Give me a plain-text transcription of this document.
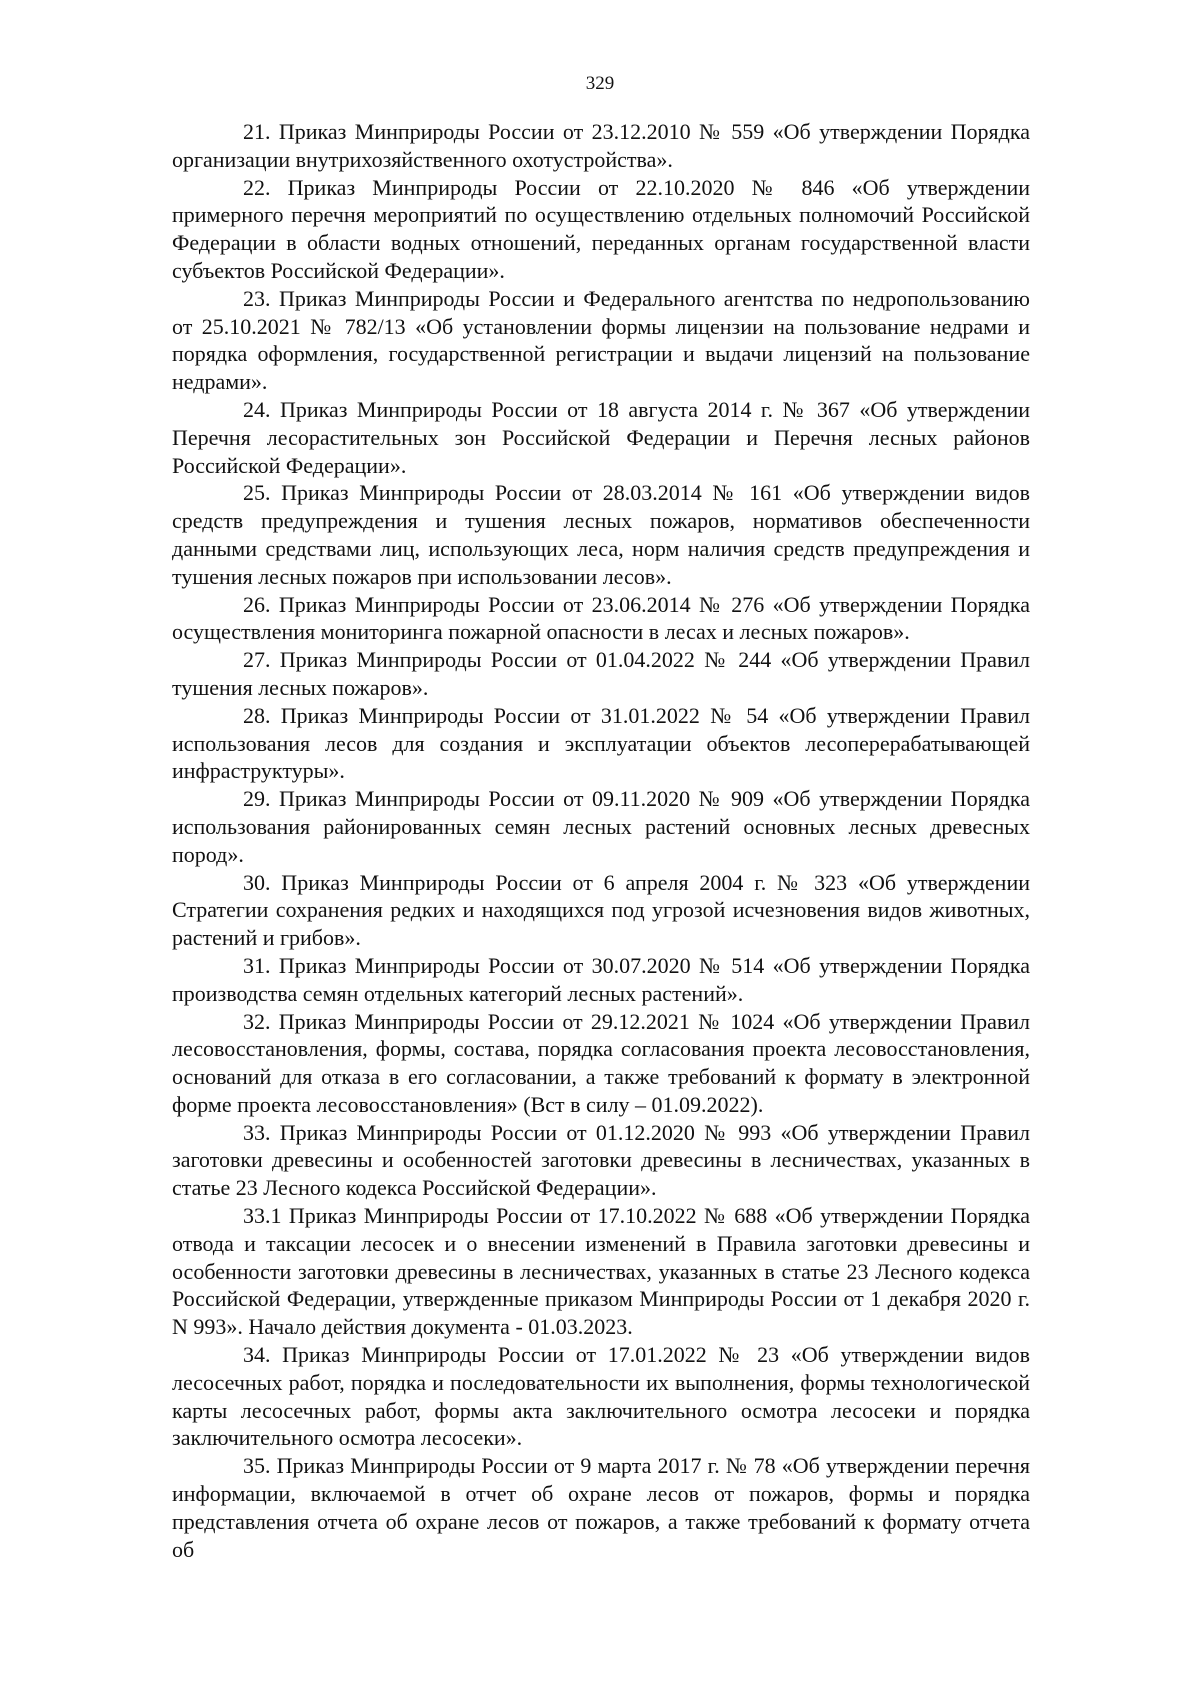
329

21. Приказ Минприроды России от 23.12.2010 № 559 «Об утверждении Порядка организации внутрихозяйственного охотустройства».

22. Приказ Минприроды России от 22.10.2020 № 846 «Об утверждении примерного перечня мероприятий по осуществлению отдельных полномочий Российской Федерации в области водных отношений, переданных органам государственной власти субъектов Российской Федерации».

23. Приказ Минприроды России и Федерального агентства по недропользованию от 25.10.2021 № 782/13 «Об установлении формы лицензии на пользование недрами и порядка оформления, государственной регистрации и выдачи лицензий на пользование недрами».

24. Приказ Минприроды России от 18 августа 2014 г. № 367 «Об утверждении Перечня лесорастительных зон Российской Федерации и Перечня лесных районов Российской Федерации».

25. Приказ Минприроды России от 28.03.2014 № 161 «Об утверждении видов средств предупреждения и тушения лесных пожаров, нормативов обеспеченности данными средствами лиц, использующих леса, норм наличия средств предупреждения и тушения лесных пожаров при использовании лесов».

26. Приказ Минприроды России от 23.06.2014 № 276 «Об утверждении Порядка осуществления мониторинга пожарной опасности в лесах и лесных пожаров».

27. Приказ Минприроды России от 01.04.2022 № 244 «Об утверждении Правил тушения лесных пожаров».

28. Приказ Минприроды России от 31.01.2022 № 54 «Об утверждении Правил использования лесов для создания и эксплуатации объектов лесоперерабатывающей инфраструктуры».

29. Приказ Минприроды России от 09.11.2020 № 909 «Об утверждении Порядка использования районированных семян лесных растений основных лесных древесных пород».

30. Приказ Минприроды России от 6 апреля 2004 г. № 323 «Об утверждении Стратегии сохранения редких и находящихся под угрозой исчезновения видов животных, растений и грибов».

31. Приказ Минприроды России от 30.07.2020 № 514 «Об утверждении Порядка производства семян отдельных категорий лесных растений».

32. Приказ Минприроды России от 29.12.2021 № 1024 «Об утверждении Правил лесовосстановления, формы, состава, порядка согласования проекта лесовосстановления, оснований для отказа в его согласовании, а также требований к формату в электронной форме проекта лесовосстановления» (Вст в силу – 01.09.2022).

33. Приказ Минприроды России от 01.12.2020 № 993 «Об утверждении Правил заготовки древесины и особенностей заготовки древесины в лесничествах, указанных в статье 23 Лесного кодекса Российской Федерации».

33.1 Приказ Минприроды России от 17.10.2022 № 688 «Об утверждении Порядка отвода и таксации лесосек и о внесении изменений в Правила заготовки древесины и особенности заготовки древесины в лесничествах, указанных в статье 23 Лесного кодекса Российской Федерации, утвержденные приказом Минприроды России от 1 декабря 2020 г. N 993». Начало действия документа - 01.03.2023.

34. Приказ Минприроды России от 17.01.2022 № 23 «Об утверждении видов лесосечных работ, порядка и последовательности их выполнения, формы технологической карты лесосечных работ, формы акта заключительного осмотра лесосеки и порядка заключительного осмотра лесосеки».

35. Приказ Минприроды России от 9 марта 2017 г. № 78 «Об утверждении перечня информации, включаемой в отчет об охране лесов от пожаров, формы и порядка представления отчета об охране лесов от пожаров, а также требований к формату отчета об
